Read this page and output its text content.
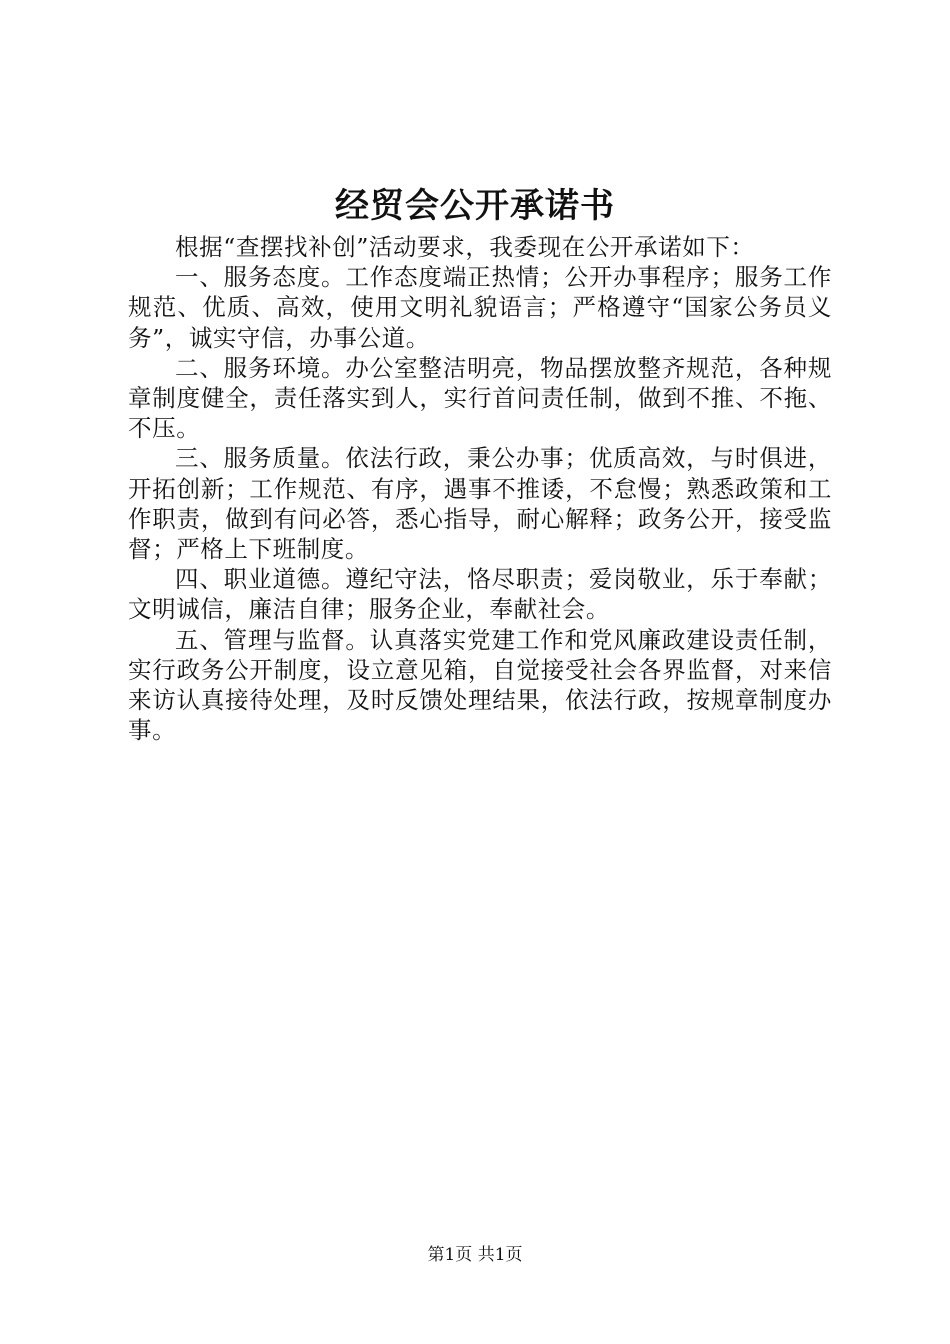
经贸会公开承诺书

根据“查摆找补创”活动要求，我委现在公开承诺如下：

一、服务态度。工作态度端正热情；公开办事程序；服务工作规范、优质、高效，使用文明礼貌语言；严格遵守“国家公务员义务”，诚实守信，办事公道。

二、服务环境。办公室整洁明亮，物品摆放整齐规范，各种规章制度健全，责任落实到人，实行首问责任制，做到不推、不拖、不压。

三、服务质量。依法行政，秉公办事；优质高效，与时俱进，开拓创新；工作规范、有序，遇事不推诿，不怠慢；熟悉政策和工作职责，做到有问必答，悉心指导，耐心解释；政务公开，接受监督；严格上下班制度。

四、职业道德。遵纪守法，恪尽职责；爱岗敬业，乐于奉献；文明诚信，廉洁自律；服务企业，奉献社会。

五、管理与监督。认真落实党建工作和党风廉政建设责任制，实行政务公开制度，设立意见箱，自觉接受社会各界监督，对来信来访认真接待处理，及时反馈处理结果，依法行政，按规章制度办事。

第1页 共1页
